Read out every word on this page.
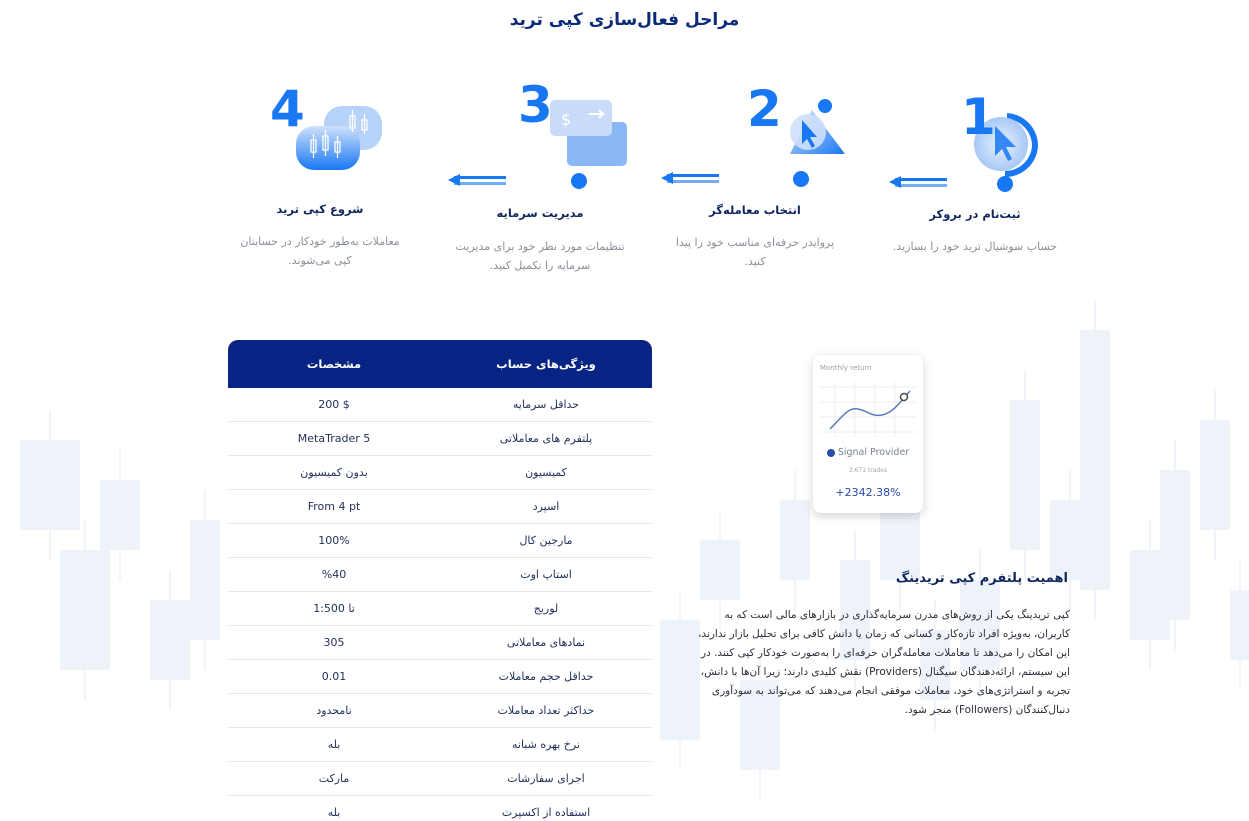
مراحل فعال‌سازی کپی ترید
1
ثبت‌نام در بروکر

حساب سوشیال ترید خود را بسازید.

2
انتخاب معامله‌گر

پروایدر حرفه‌ای مناسب خود را پیدا کنید.

$
3
مدیریت سرمایه

تنظیمات مورد نظر خود برای مدیریت سرمایه را تکمیل کنید.

4
شروع کپی ترید

معاملات به‌طور خودکار در حسابتان کپی می‌شوند.

ویژگی‌های حساب
مشخصات
حداقل سرمایه
$ 200
پلتفرم های معاملاتی
MetaTrader 5
کمیسیون
بدون کمیسیون
اسپرد
From 4 pt
مارجین کال
100%
استاپ اوت
%40
لوریج
تا 1:500
نمادهای معاملاتی
305
حداقل حجم معاملات
0.01
حداکثر تعداد معاملات
نامحدود
نرخ بهره شبانه
بله
اجرای سفارشات
مارکت
استفاده از اکسپرت
بله
Monthly return
Signal Provider
2,671 trades
+2342.38%
اهمیت پلتفرم کپی تریدینگ

کپی تریدینگ یکی از روش‌های مدرن سرمایه‌گذاری در بازارهای مالی است که به کاربران، به‌ویژه افراد تازه‌کار و کسانی که زمان یا دانش کافی برای تحلیل بازار ندارند، این امکان را می‌دهد تا معاملات معامله‌گران حرفه‌ای را به‌صورت خودکار کپی کنند. در این سیستم، ارائه‌دهندگان سیگنال (Providers) نقش کلیدی دارند؛ زیرا آن‌ها با دانش، تجربه و استراتژی‌های خود، معاملات موفقی انجام می‌دهند که می‌تواند به سودآوری دنبال‌کنندگان (Followers) منجر شود.
